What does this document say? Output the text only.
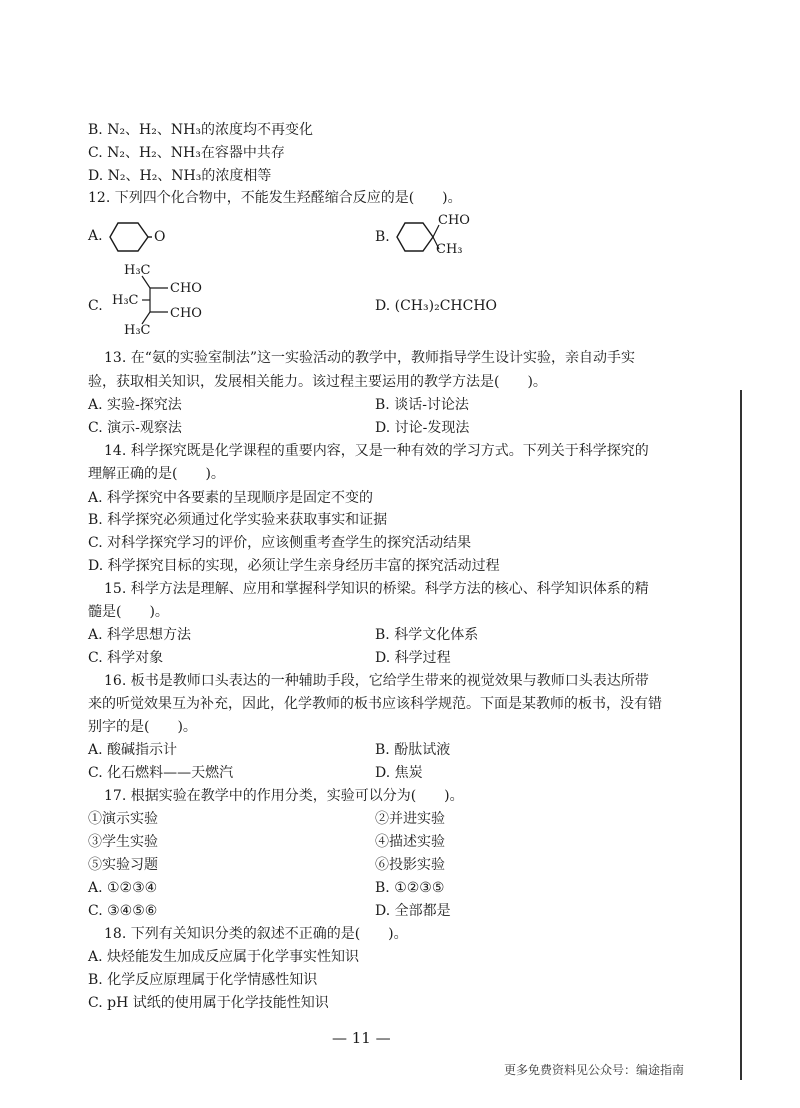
B. N₂、H₂、NH₃的浓度均不再变化
C. N₂、H₂、NH₃在容器中共存
D. N₂、H₂、NH₃的浓度相等
12. 下列四个化合物中，不能发生羟醛缩合反应的是(　　)。
A.	O	B.
CHO
CH₃
C.
H₃C
H₃C
H₃C
CHO
CHO	D. (CH₃)₂CHCHO
13. 在“氨的实验室制法”这一实验活动的教学中，教师指导学生设计实验，亲自动手实
验，获取相关知识，发展相关能力。该过程主要运用的教学方法是(　　)。
A. 实验-探究法	B. 谈话-讨论法
C. 演示-观察法	D. 讨论-发现法
14. 科学探究既是化学课程的重要内容，又是一种有效的学习方式。下列关于科学探究的
理解正确的是(　　)。
A. 科学探究中各要素的呈现顺序是固定不变的
B. 科学探究必须通过化学实验来获取事实和证据
C. 对科学探究学习的评价，应该侧重考查学生的探究活动结果
D. 科学探究目标的实现，必须让学生亲身经历丰富的探究活动过程
15. 科学方法是理解、应用和掌握科学知识的桥梁。科学方法的核心、科学知识体系的精
髓是(　　)。
A. 科学思想方法	B. 科学文化体系
C. 科学对象	D. 科学过程
16. 板书是教师口头表达的一种辅助手段，它给学生带来的视觉效果与教师口头表达所带
来的听觉效果互为补充，因此，化学教师的板书应该科学规范。下面是某教师的板书，没有错
别字的是(　　)。
A. 酸碱指示计	B. 酚肽试液
C. 化石燃料——天燃汽	D. 焦炭
17. 根据实验在教学中的作用分类，实验可以分为(　　)。
①演示实验	②并进实验
③学生实验	④描述实验
⑤实验习题	⑥投影实验
A. ①②③④	B. ①②③⑤
C. ③④⑤⑥	D. 全部都是
18. 下列有关知识分类的叙述不正确的是(　　)。
A. 炔烃能发生加成反应属于化学事实性知识
B. 化学反应原理属于化学情感性知识
C. pH 试纸的使用属于化学技能性知识
— 11 —
更多免费资料见公众号：编途指南
